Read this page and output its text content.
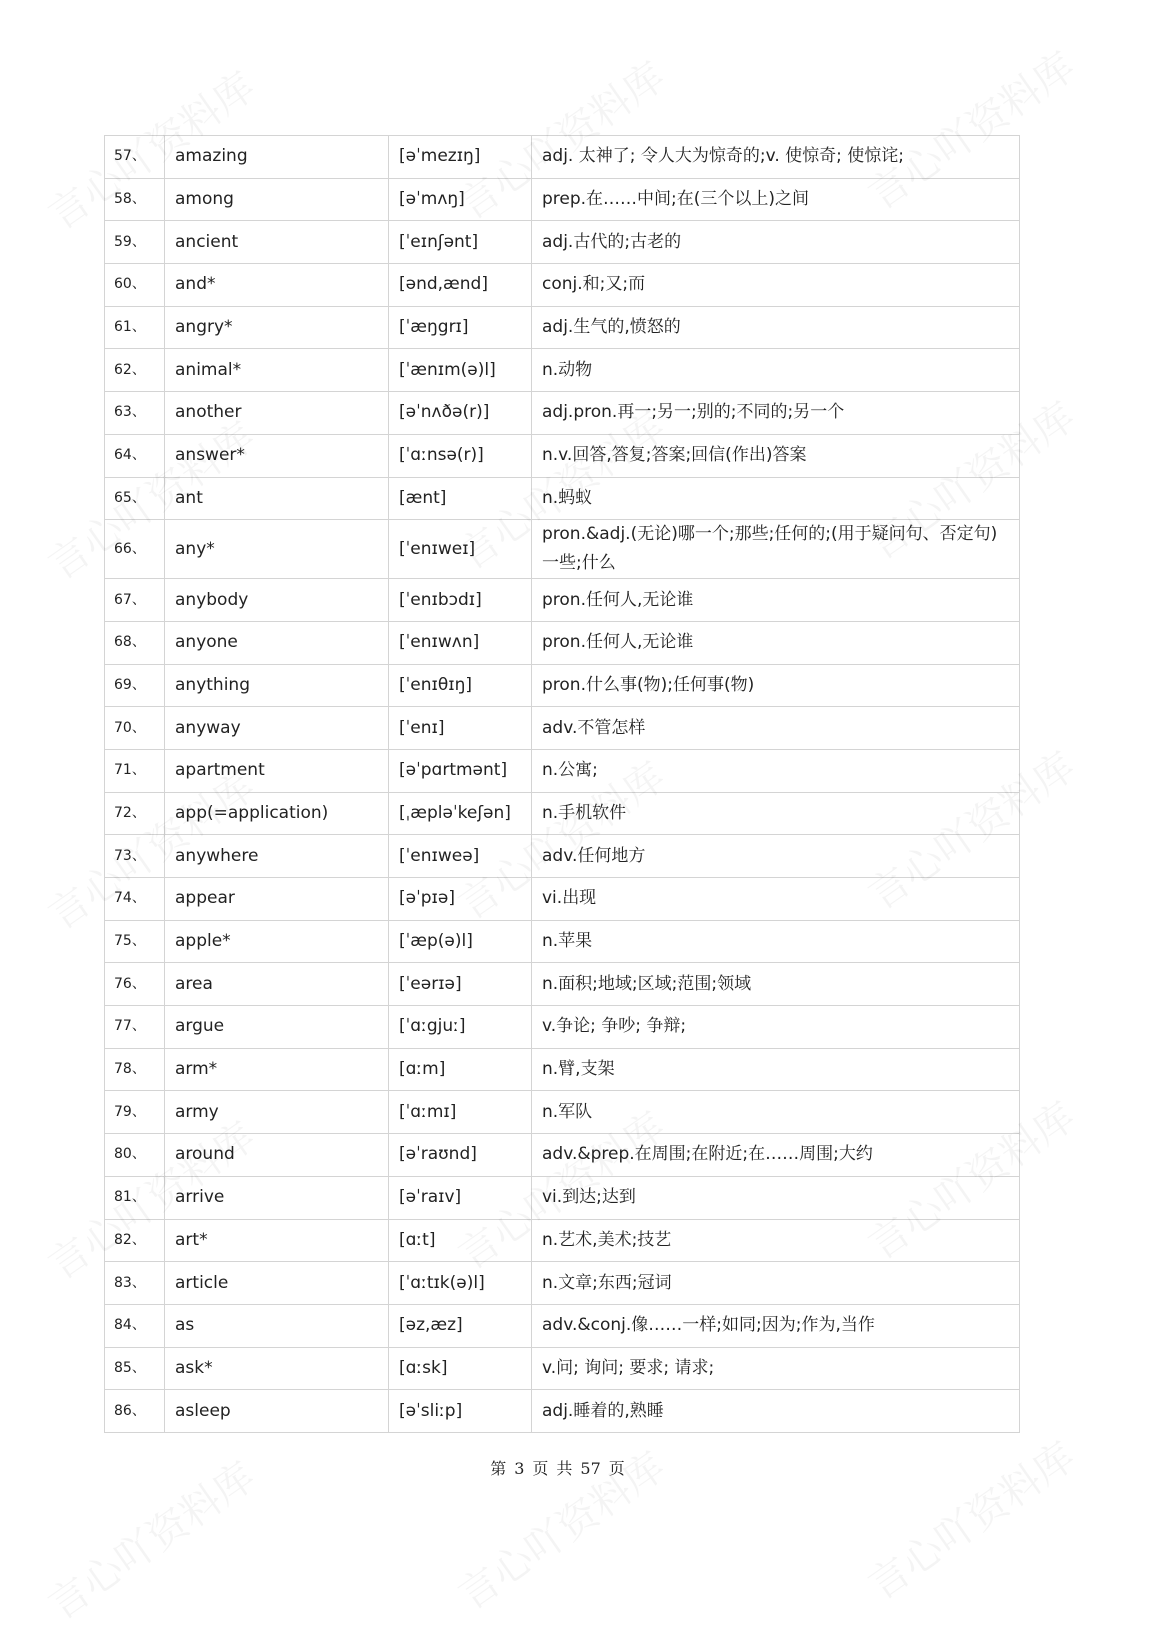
57、	amazing	[əˈmezɪŋ]	adj. 太神了; 令人大为惊奇的;v. 使惊奇; 使惊诧;
58、	among	[əˈmʌŋ]	prep.在……中间;在(三个以上)之间
59、	ancient	[ˈeɪnʃənt]	adj.古代的;古老的
60、	and*	[ənd,ænd]	conj.和;又;而
61、	angry*	[ˈæŋgrɪ]	adj.生气的,愤怒的
62、	animal*	[ˈænɪm(ə)l]	n.动物
63、	another	[əˈnʌðə(r)]	adj.pron.再一;另一;别的;不同的;另一个
64、	answer*	[ˈɑːnsə(r)]	n.v.回答,答复;答案;回信(作出)答案
65、	ant	[ænt]	n.蚂蚁
66、	any*	[ˈenɪweɪ]	pron.&adj.(无论)哪一个;那些;任何的;(用于疑问句、否定句)一些;什么
67、	anybody	[ˈenɪbɔdɪ]	pron.任何人,无论谁
68、	anyone	[ˈenɪwʌn]	pron.任何人,无论谁
69、	anything	[ˈenɪθɪŋ]	pron.什么事(物);任何事(物)
70、	anyway	[ˈenɪ]	adv.不管怎样
71、	apartment	[əˈpɑrtmənt]	n.公寓;
72、	app(=application)	[ˌæpləˈkeʃən]	n.手机软件
73、	anywhere	[ˈenɪweə]	adv.任何地方
74、	appear	[əˈpɪə]	vi.出现
75、	apple*	[ˈæp(ə)l]	n.苹果
76、	area	[ˈeərɪə]	n.面积;地域;区域;范围;领域
77、	argue	[ˈɑːgjuː]	v.争论; 争吵; 争辩;
78、	arm*	[ɑːm]	n.臂,支架
79、	army	[ˈɑːmɪ]	n.军队
80、	around	[əˈraʊnd]	adv.&prep.在周围;在附近;在……周围;大约
81、	arrive	[əˈraɪv]	vi.到达;达到
82、	art*	[ɑːt]	n.艺术,美术;技艺
83、	article	[ˈɑːtɪk(ə)l]	n.文章;东西;冠词
84、	as	[əz,æz]	adv.&conj.像……一样;如同;因为;作为,当作
85、	ask*	[ɑːsk]	v.问; 询问; 要求; 请求;
86、	asleep	[əˈsliːp]	adj.睡着的,熟睡
第 3 页 共 57 页
